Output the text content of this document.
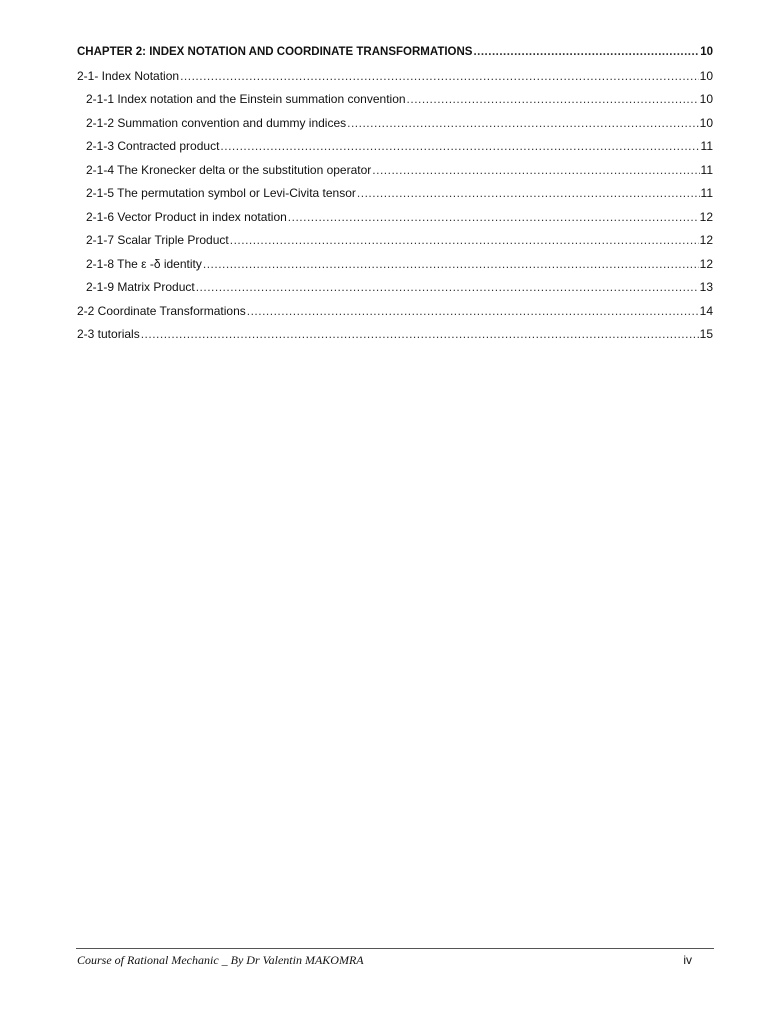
CHAPTER 2: INDEX NOTATION AND COORDINATE TRANSFORMATIONS .....	10
2-1- Index Notation .....	10
2-1-1 Index notation and the Einstein summation convention .....	10
2-1-2 Summation convention and dummy indices .....	10
2-1-3 Contracted product .....	11
2-1-4 The Kronecker delta or the substitution operator .....	11
2-1-5 The permutation symbol or Levi-Civita tensor .....	11
2-1-6 Vector Product in index notation .....	12
2-1-7 Scalar Triple Product .....	12
2-1-8 The ε -δ identity .....	12
2-1-9 Matrix Product .....	13
2-2 Coordinate Transformations .....	14
2-3 tutorials .....	15
Course of Rational Mechanic _ By Dr Valentin MAKOMRA	iv
